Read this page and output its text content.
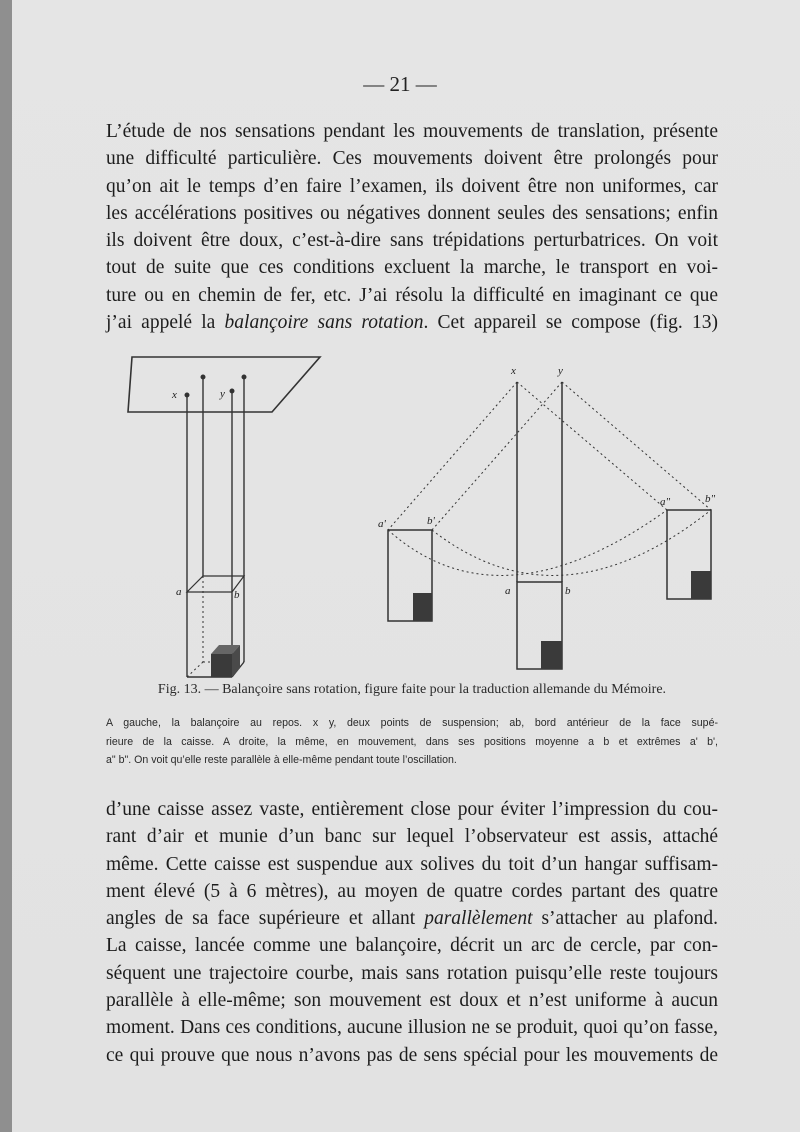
— 21 —
L’étude de nos sensations pendant les mouvements de translation, présente
une difficulté particulière. Ces mouvements doivent être prolongés pour
qu’on ait le temps d’en faire l’examen, ils doivent être non uniformes, car
les accélérations positives ou négatives donnent seules des sensations; enfin
ils doivent être doux, c’est-à-dire sans trépidations perturbatrices. On voit
tout de suite que ces conditions excluent la marche, le transport en voi-
ture ou en chemin de fer, etc. J’ai résolu la difficulté en imaginant ce que
j’ai appelé la balançoire sans rotation. Cet appareil se compose (fig. 13)
x	y
a	b
x	y
a	b
a'	b'
a"	b"
Fig. 13. — Balançoire sans rotation, figure faite pour la traduction allemande du Mémoire.
A gauche, la balançoire au repos. x y, deux points de suspension; ab, bord antérieur de la face supé-
rieure de la caisse. A droite, la même, en mouvement, dans ses positions moyenne a b et extrêmes a' b',
a" b". On voit qu’elle reste parallèle à elle-même pendant toute l’oscillation.
d’une caisse assez vaste, entièrement close pour éviter l’impression du cou-
rant d’air et munie d’un banc sur lequel l’observateur est assis, attaché
même. Cette caisse est suspendue aux solives du toit d’un hangar suffisam-
ment élevé (5 à 6 mètres), au moyen de quatre cordes partant des quatre
angles de sa face supérieure et allant parallèlement s’attacher au plafond.
La caisse, lancée comme une balançoire, décrit un arc de cercle, par con-
séquent une trajectoire courbe, mais sans rotation puisqu’elle reste toujours
parallèle à elle-même; son mouvement est doux et n’est uniforme à aucun
moment. Dans ces conditions, aucune illusion ne se produit, quoi qu’on fasse,
ce qui prouve que nous n’avons pas de sens spécial pour les mouvements de
